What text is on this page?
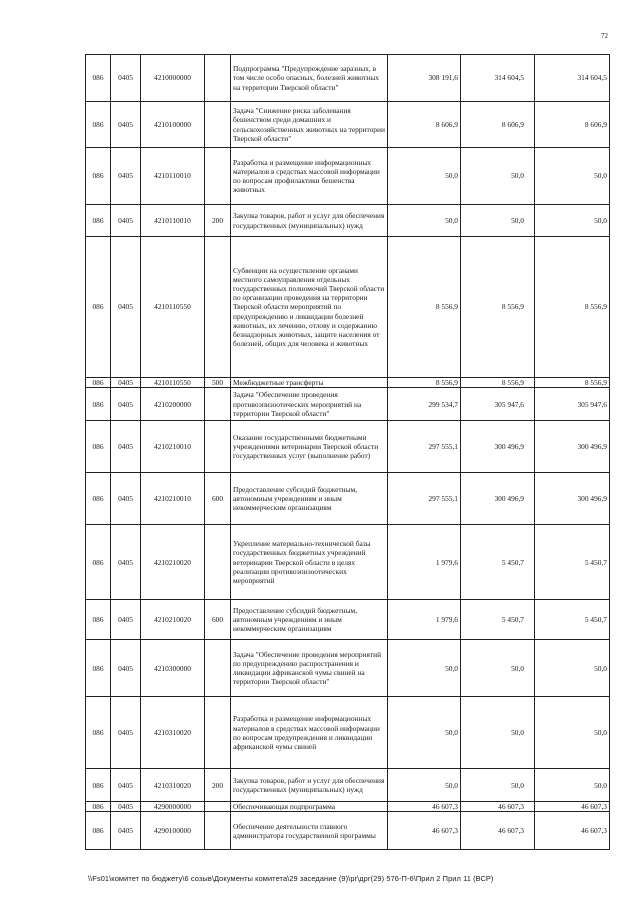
72
086	0405	4210000000		Подпрограмма "Предупреждение заразных, в том числе особо опасных, болезней животных на территории Тверской области"	308 191,6	314 604,5	314 604,5
086	0405	4210100000		Задача "Снижение риска заболевания бешенством среди домашних и сельскохозяйственных животных на территории Тверской области"	8 606,9	8 606,9	8 606,9
086	0405	4210110010		Разработка и размещение информационных материалов в средствах массовой информации по вопросам профилактики бешенства животных	50,0	50,0	50,0
086	0405	4210110010	200	Закупка товаров, работ и услуг для обеспечения государственных (муниципальных) нужд	50,0	50,0	50,0
086	0405	4210110550		Субвенции на осуществление органами местного самоуправления отдельных государственных полномочий Тверской области по организации проведения на территории Тверской области мероприятий по предупреждению и ликвидации болезней животных, их лечению, отлову и содержанию безнадзорных животных, защите населения от болезней, общих для человека и животных	8 556,9	8 556,9	8 556,9
086	0405	4210110550	500	Межбюджетные трансферты	8 556,9	8 556,9	8 556,9
086	0405	4210200000		Задача "Обеспечение проведения противоэпизоотических мероприятий на территории Тверской области"	299 534,7	305 947,6	305 947,6
086	0405	4210210010		Оказание государственными бюджетными учреждениями ветеринарии Тверской области государственных услуг (выполнение работ)	297 555,1	300 496,9	300 496,9
086	0405	4210210010	600	Предоставление субсидий бюджетным, автономным учреждениям и иным некоммерческим организациям	297 555,1	300 496,9	300 496,9
086	0405	4210210020		Укрепление материально-технической базы государственных бюджетных учреждений ветеринарии Тверской области в целях реализации противоэпизоотических мероприятий	1 979,6	5 450,7	5 450,7
086	0405	4210210020	600	Предоставление субсидий бюджетным, автономным учреждениям и иным некоммерческим организациям	1 979,6	5 450,7	5 450,7
086	0405	4210300000		Задача "Обеспечение проведения мероприятий по предупреждению распространения и ликвидации африканской чумы свиней на территории Тверской области"	50,0	50,0	50,0
086	0405	4210310020		Разработка и размещение информационных материалов в средствах массовой информации по вопросам предупреждения и ликвидации африканской чумы свиней	50,0	50,0	50,0
086	0405	4210310020	200	Закупка товаров, работ и услуг для обеспечения государственных (муниципальных) нужд	50,0	50,0	50,0
086	0405	4290000000		Обеспечивающая подпрограмма	46 607,3	46 607,3	46 607,3
086	0405	4290100000		Обеспечение деятельности главного администратора государственной программы	46 607,3	46 607,3	46 607,3
\\Fs01\комитет по бюджету\6 созыв\Документы комитета\29 заседание (9)\pr\дрг(29) 576-П-6\Прил 2 Прил 11 (ВСР)
